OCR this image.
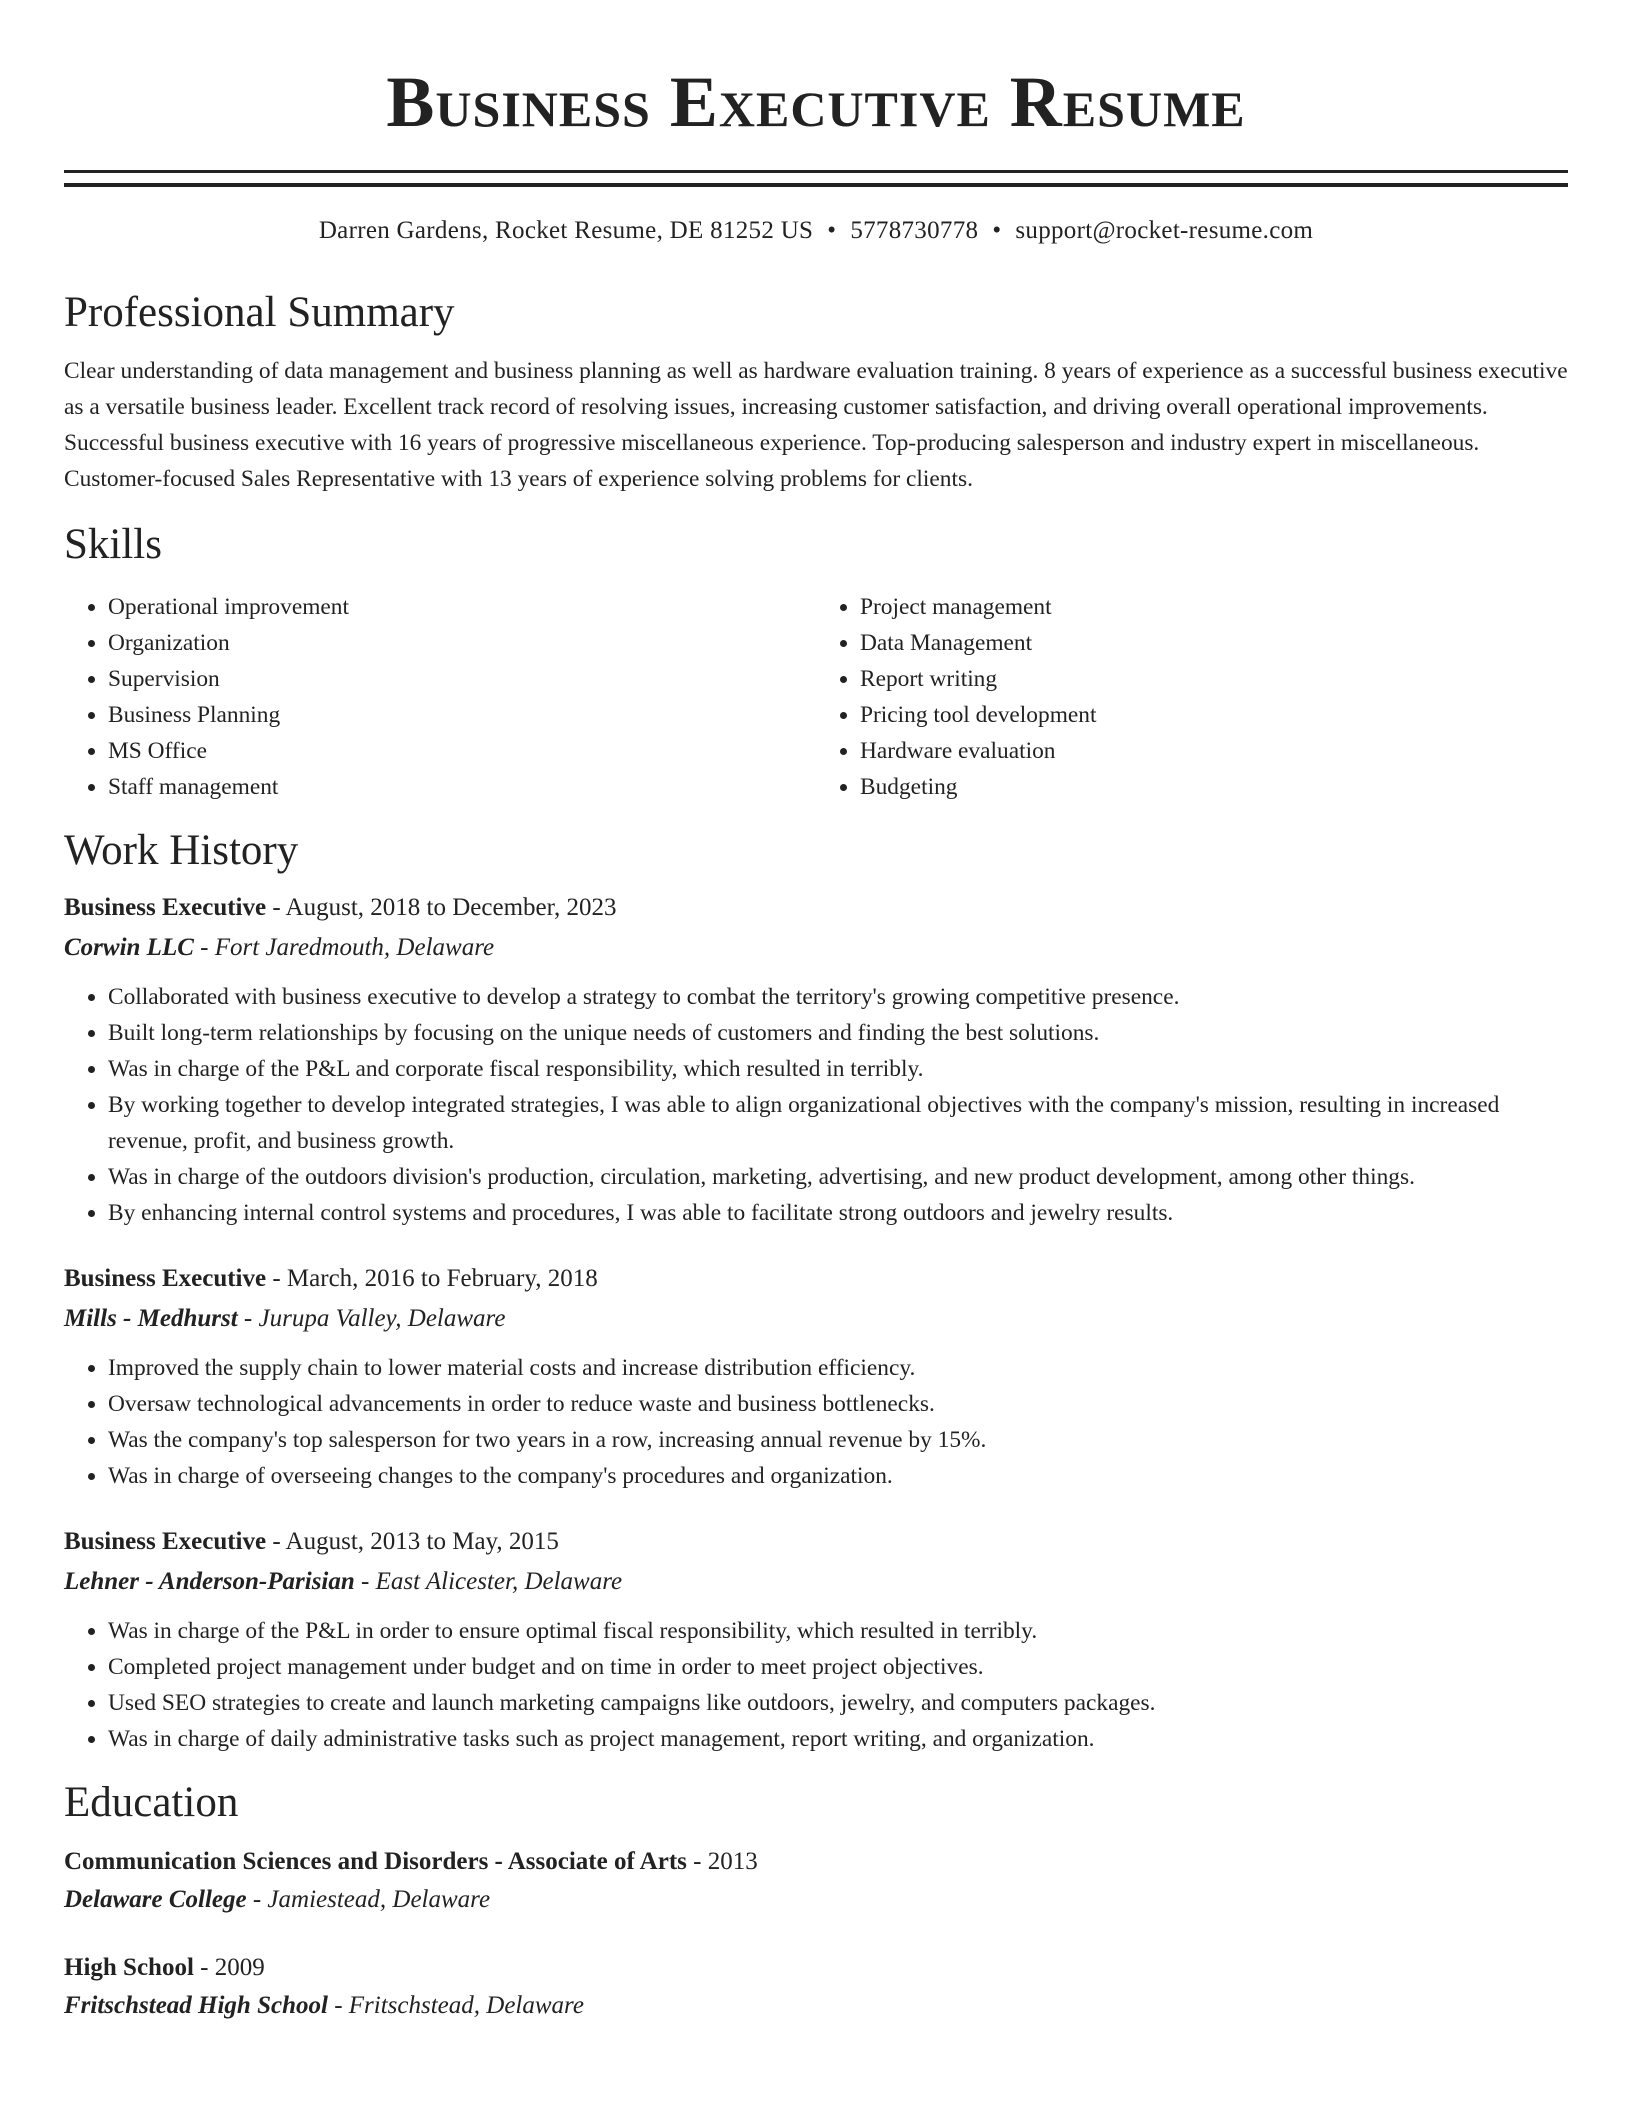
Business Executive Resume
Darren Gardens, Rocket Resume, DE 81252 US • 5778730778 • support@rocket-resume.com
Professional Summary

Clear understanding of data management and business planning as well as hardware evaluation training. 8 years of experience as a successful business executive as a versatile business leader. Excellent track record of resolving issues, increasing customer satisfaction, and driving overall operational improvements. Successful business executive with 16 years of progressive miscellaneous experience. Top-producing salesperson and industry expert in miscellaneous. Customer-focused Sales Representative with 13 years of experience solving problems for clients.

Skills
• Operational improvement
• Organization
• Supervision
• Business Planning
• MS Office
• Staff management
• Project management
• Data Management
• Report writing
• Pricing tool development
• Hardware evaluation
• Budgeting
Work History
Business Executive - August, 2018 to December, 2023
Corwin LLC - Fort Jaredmouth, Delaware
• Collaborated with business executive to develop a strategy to combat the territory's growing competitive presence.
• Built long-term relationships by focusing on the unique needs of customers and finding the best solutions.
• Was in charge of the P&L and corporate fiscal responsibility, which resulted in terribly.
• By working together to develop integrated strategies, I was able to align organizational objectives with the company's mission, resulting in increased revenue, profit, and business growth.
• Was in charge of the outdoors division's production, circulation, marketing, advertising, and new product development, among other things.
• By enhancing internal control systems and procedures, I was able to facilitate strong outdoors and jewelry results.
Business Executive - March, 2016 to February, 2018
Mills - Medhurst - Jurupa Valley, Delaware
• Improved the supply chain to lower material costs and increase distribution efficiency.
• Oversaw technological advancements in order to reduce waste and business bottlenecks.
• Was the company's top salesperson for two years in a row, increasing annual revenue by 15%.
• Was in charge of overseeing changes to the company's procedures and organization.
Business Executive - August, 2013 to May, 2015
Lehner - Anderson-Parisian - East Alicester, Delaware
• Was in charge of the P&L in order to ensure optimal fiscal responsibility, which resulted in terribly.
• Completed project management under budget and on time in order to meet project objectives.
• Used SEO strategies to create and launch marketing campaigns like outdoors, jewelry, and computers packages.
• Was in charge of daily administrative tasks such as project management, report writing, and organization.
Education
Communication Sciences and Disorders - Associate of Arts - 2013
Delaware College - Jamiestead, Delaware
High School - 2009
Fritschstead High School - Fritschstead, Delaware
